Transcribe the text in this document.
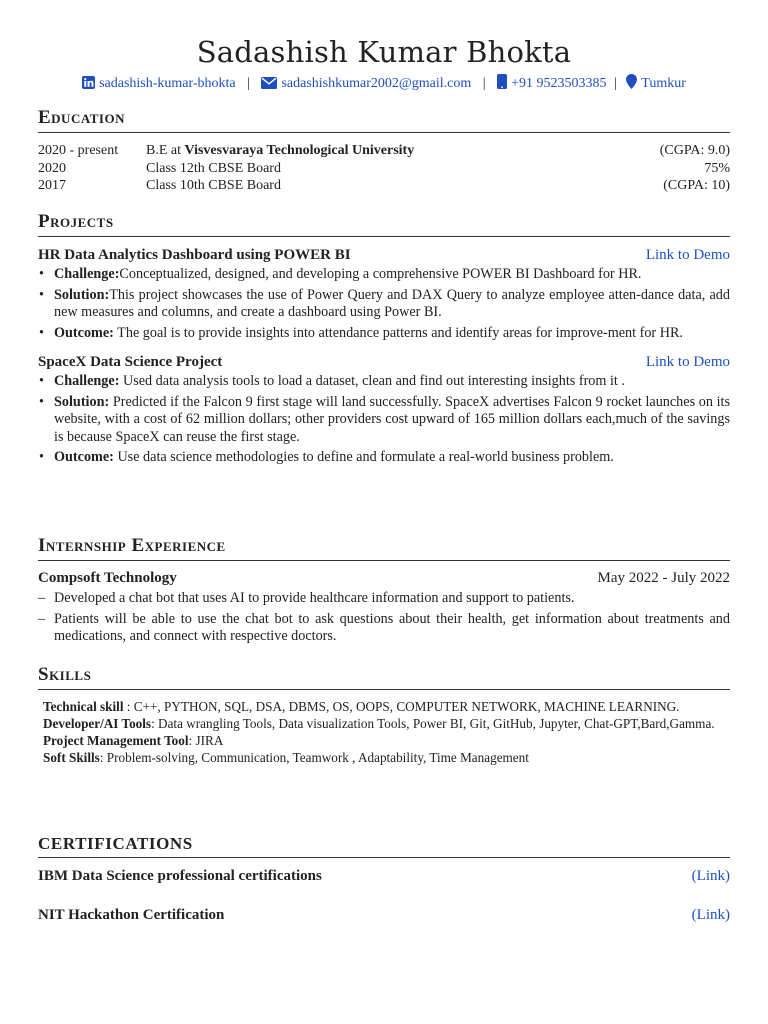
Sadashish Kumar Bhokta
sadashish-kumar-bhokta | sadashishkumar2002@gmail.com | +91 9523503385 | Tumkur
Education
2020 - present	B.E at Visvesvaraya Technological University	(CGPA: 9.0)
2020	Class 12th CBSE Board	75%
2017	Class 10th CBSE Board	(CGPA: 10)
Projects
HR Data Analytics Dashboard using POWER BI	Link to Demo
• Challenge:Conceptualized, designed, and developing a comprehensive POWER BI Dashboard for HR.
• Solution:This project showcases the use of Power Query and DAX Query to analyze employee atten-dance data, add new measures and columns, and create a dashboard using Power BI.
• Outcome: The goal is to provide insights into attendance patterns and identify areas for improve-ment for HR.
SpaceX Data Science Project	Link to Demo
• Challenge: Used data analysis tools to load a dataset, clean and find out interesting insights from it .
• Solution: Predicted if the Falcon 9 first stage will land successfully. SpaceX advertises Falcon 9 rocket launches on its website, with a cost of 62 million dollars; other providers cost upward of 165 million dollars each,much of the savings is because SpaceX can reuse the first stage.
• Outcome: Use data science methodologies to define and formulate a real-world business problem.
Internship Experience
Compsoft Technology	May 2022 - July 2022
– Developed a chat bot that uses AI to provide healthcare information and support to patients.
– Patients will be able to use the chat bot to ask questions about their health, get information about treatments and medications, and connect with respective doctors.
Skills
Technical skill : C++, PYTHON, SQL, DSA, DBMS, OS, OOPS, COMPUTER NETWORK, MACHINE LEARNING.
Developer/AI Tools: Data wrangling Tools, Data visualization Tools, Power BI, Git, GitHub, Jupyter, Chat-GPT,Bard,Gamma.
Project Management Tool: JIRA
Soft Skills: Problem-solving, Communication, Teamwork , Adaptability, Time Management
CERTIFICATIONS
IBM Data Science professional certifications	(Link)
NIT Hackathon Certification	(Link)
